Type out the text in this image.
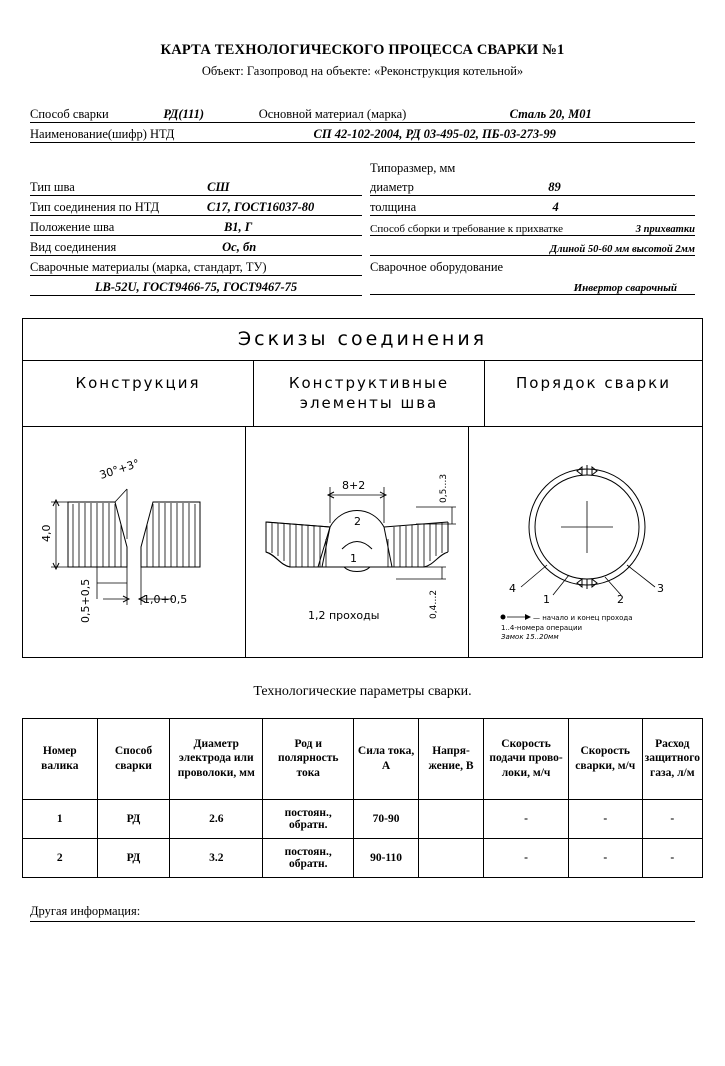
КАРТА ТЕХНОЛОГИЧЕСКОГО ПРОЦЕССА СВАРКИ №1
Объект: Газопровод на объекте: «Реконструкция котельной»
Способ сварки	РД(111)	Основной материал (марка)	Сталь 20, М01
Наименование(шифр) НТД	СП 42-102-2004, РД 03-495-02, ПБ-03-273-99
Тип шва	СШ
Тип соединения по НТД	С17, ГОСТ16037-80
Положение шва	В1, Г
Вид соединения	Ос, бп
Сварочные материалы (марка, стандарт, ТУ)
LB-52U, ГОСТ9466-75, ГОСТ9467-75
Типоразмер, мм
диаметр	89
толщина	4
Способ сборки и требование к прихватке	3 прихватки
Длиной 50-60 мм высотой 2мм
Сварочное оборудование
Инвертор сварочный
Эскизы соединения
Конструкция	Конструктивные
элементы шва
Порядок сварки
30°+3°
4,0
0,5+0,5	1,0+0,5
2
1
8+2	0,5…3
0,4…2
1,2 проходы
4
1	2
3
— начало и конец прохода
1..4-номера операции
Замок 15..20мм
Технологические параметры сварки.
Номер валика	Способ сварки	Диаметр электрода или проволоки, мм	Род и полярность тока	Сила тока, А	Напря-жение, В	Скорость подачи прово-локи, м/ч	Скорость сварки, м/ч	Расход защитного газа, л/м
1	РД	2.6	постоян., обратн.	70-90		-	-	-
2	РД	3.2	постоян., обратн.	90-110		-	-	-
Другая информация:
